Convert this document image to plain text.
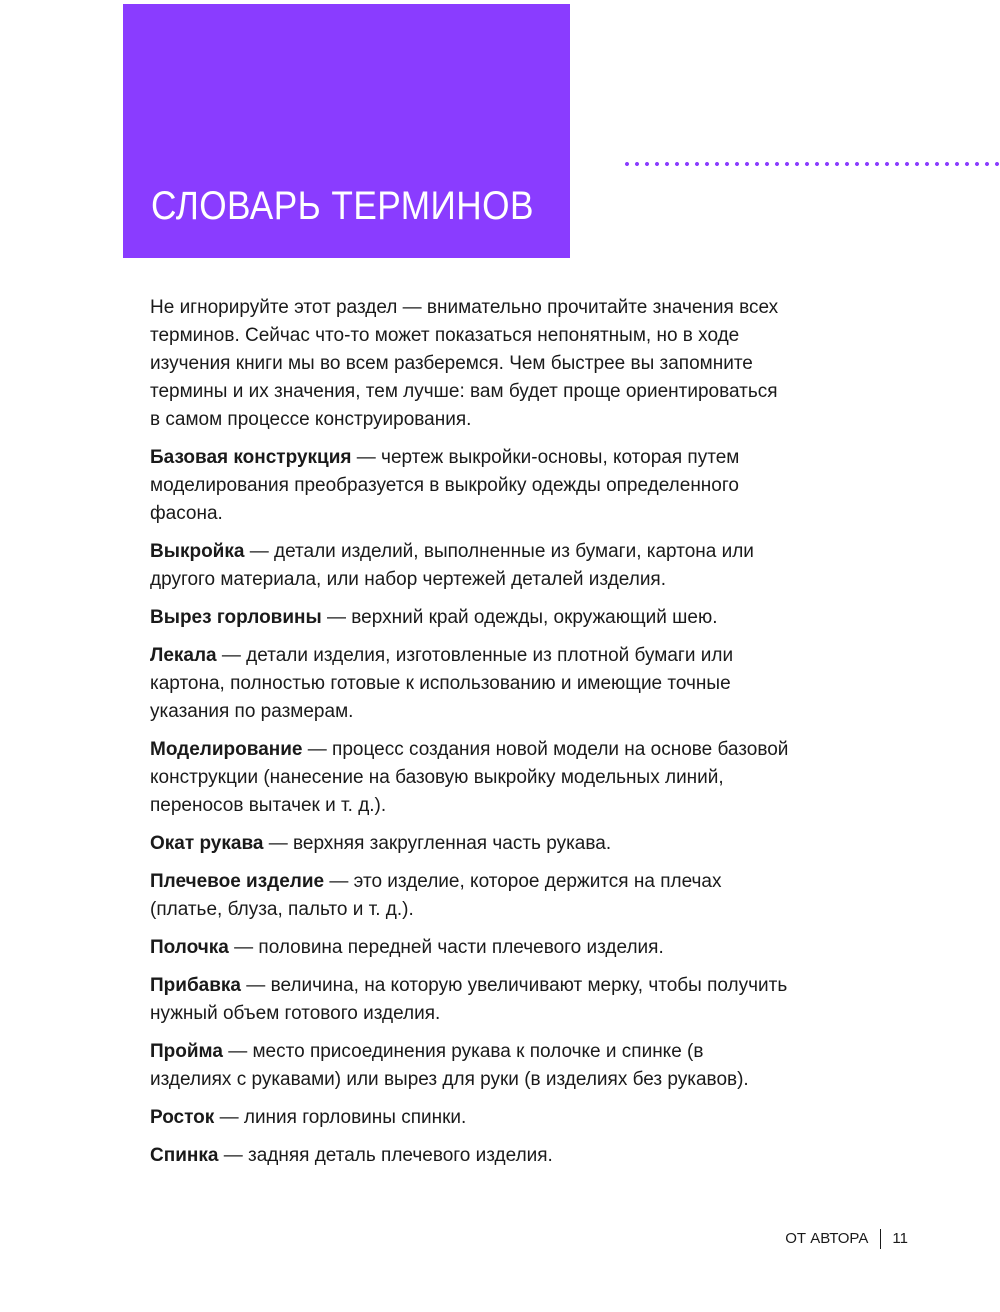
СЛОВАРЬ ТЕРМИНОВ

Не игнорируйте этот раздел — внимательно прочитайте значения всех терминов. Сейчас что-то может показаться непонятным, но в ходе изучения книги мы во всем разберемся. Чем быстрее вы запомните термины и их значения, тем лучше: вам будет проще ориентироваться в самом процессе конструирования.

Базовая конструкция — чертеж выкройки-основы, которая путем моделирования преобразуется в выкройку одежды определенного фасона.

Выкройка — детали изделий, выполненные из бумаги, картона или другого материала, или набор чертежей деталей изделия.

Вырез горловины — верхний край одежды, окружающий шею.

Лекала — детали изделия, изготовленные из плотной бумаги или картона, полностью готовые к использованию и имеющие точные указания по размерам.

Моделирование — процесс создания новой модели на основе базовой конструкции (нанесение на базовую выкройку модельных линий, переносов вытачек и т. д.).

Окат рукава — верхняя закругленная часть рукава.

Плечевое изделие — это изделие, которое держится на плечах (платье, блуза, пальто и т. д.).

Полочка — половина передней части плечевого изделия.

Прибавка — величина, на которую увеличивают мерку, чтобы получить нужный объем готового изделия.

Пройма — место присоединения рукава к полочке и спинке (в изделиях с рукавами) или вырез для руки (в изделиях без рукавов).

Росток — линия горловины спинки.

Спинка — задняя деталь плечевого изделия.

ОТ АВТОРА 11
